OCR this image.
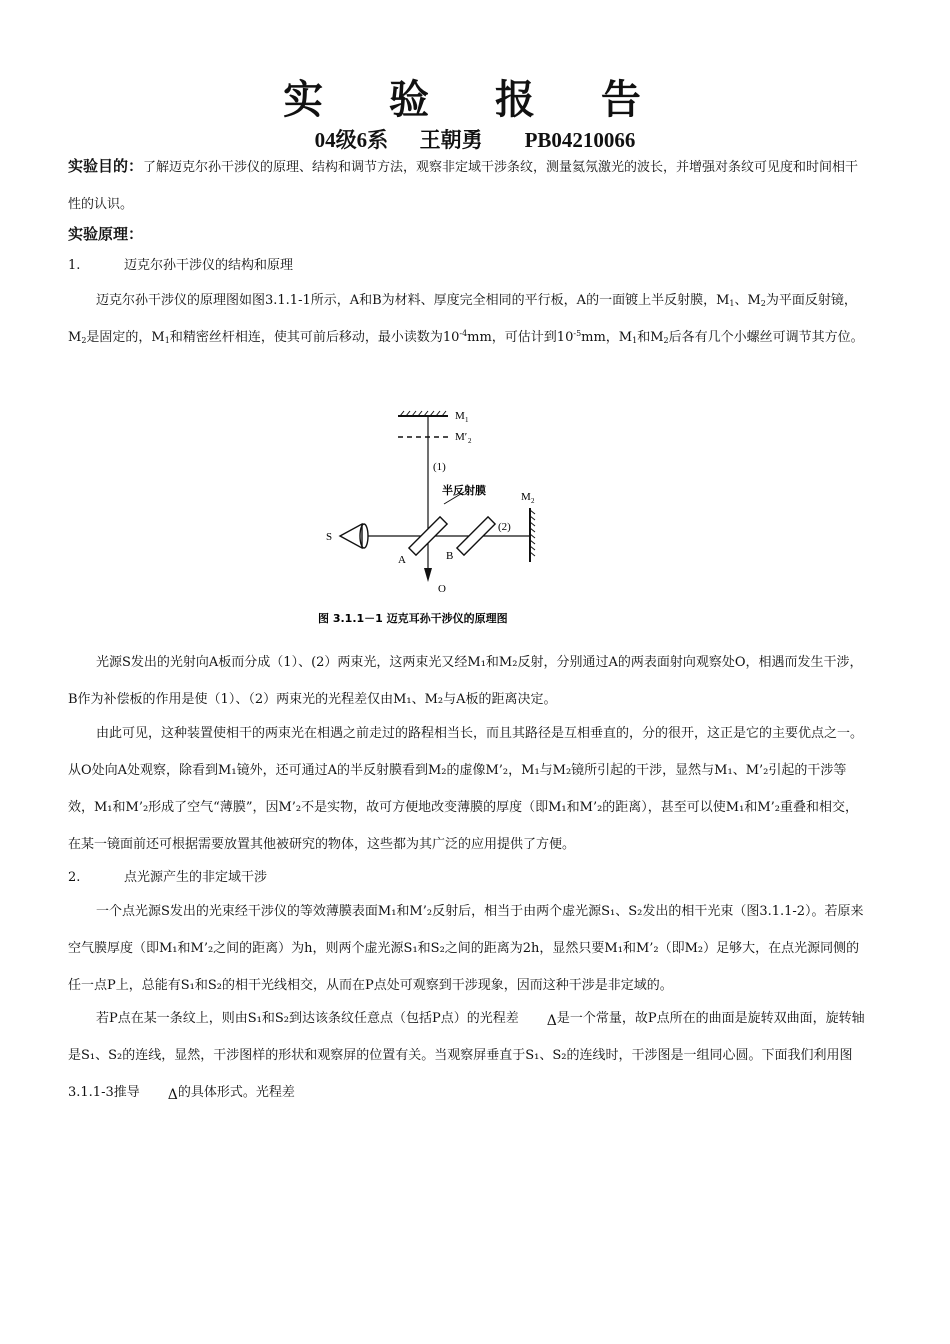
实 验 报 告
04级6系      王朝勇        PB04210066
实验目的：了解迈克尔孙干涉仪的原理、结构和调节方法，观察非定域干涉条纹，测量氦氖激光的波长，并增强对条纹可见度和时间相干性的认识。
实验原理：
1.	迈克尔孙干涉仪的结构和原理
迈克尔孙干涉仪的原理图如图3.1.1-1所示，A和B为材料、厚度完全相同的平行板，A的一面镀上半反射膜，$M_1$、$M_2$为平面反射镜，$M_2$是固定的，$M_1$和精密丝杆相连，使其可前后移动，最小读数为$10^{-4}mm$，可估计到$10^{-5}mm$，$M_1$和$M_2$后各有几个小螺丝可调节其方位。
M 1
M′ 2
(1)
O
S
A	B
半反射膜
(2)
M 2
图 3.1.1－1 迈克耳孙干涉仪的原理图
光源S发出的光射向A板而分成（1）、(2）两束光，这两束光又经M₁和M₂反射，分别通过A的两表面射向观察处O，相遇而发生干涉，B作为补偿板的作用是使（1）、（2）两束光的光程差仅由M₁、M₂与A板的距离决定。
由此可见，这种装置使相干的两束光在相遇之前走过的路程相当长，而且其路径是互相垂直的，分的很开，这正是它的主要优点之一。从O处向A处观察，除看到M₁镜外，还可通过A的半反射膜看到M₂的虚像M’₂，M₁与M₂镜所引起的干涉，显然与M₁、M’₂引起的干涉等效，M₁和M’₂形成了空气“薄膜”，因M’₂不是实物，故可方便地改变薄膜的厚度（即M₁和M’₂的距离），甚至可以使M₁和M’₂重叠和相交，在某一镜面前还可根据需要放置其他被研究的物体，这些都为其广泛的应用提供了方便。
2.	点光源产生的非定域干涉
一个点光源S发出的光束经干涉仪的等效薄膜表面M₁和M’₂反射后，相当于由两个虚光源S₁、S₂发出的相干光束（图3.1.1-2）。若原来空气膜厚度（即M₁和M’₂之间的距离）为h，则两个虚光源S₁和S₂之间的距离为2h，显然只要M₁和M’₂（即M₂）足够大，在点光源同侧的任一点P上，总能有S₁和S₂的相干光线相交，从而在P点处可观察到干涉现象，因而这种干涉是非定域的。
若P点在某一条纹上，则由S₁和S₂到达该条纹任意点（包括P点）的光程差 Δ是一个常量，故P点所在的曲面是旋转双曲面，旋转轴是S₁、S₂的连线，显然，干涉图样的形状和观察屏的位置有关。当观察屏垂直于S₁、S₂的连线时，干涉图是一组同心圆。下面我们利用图3.1.1-3推导 Δ的具体形式。光程差
